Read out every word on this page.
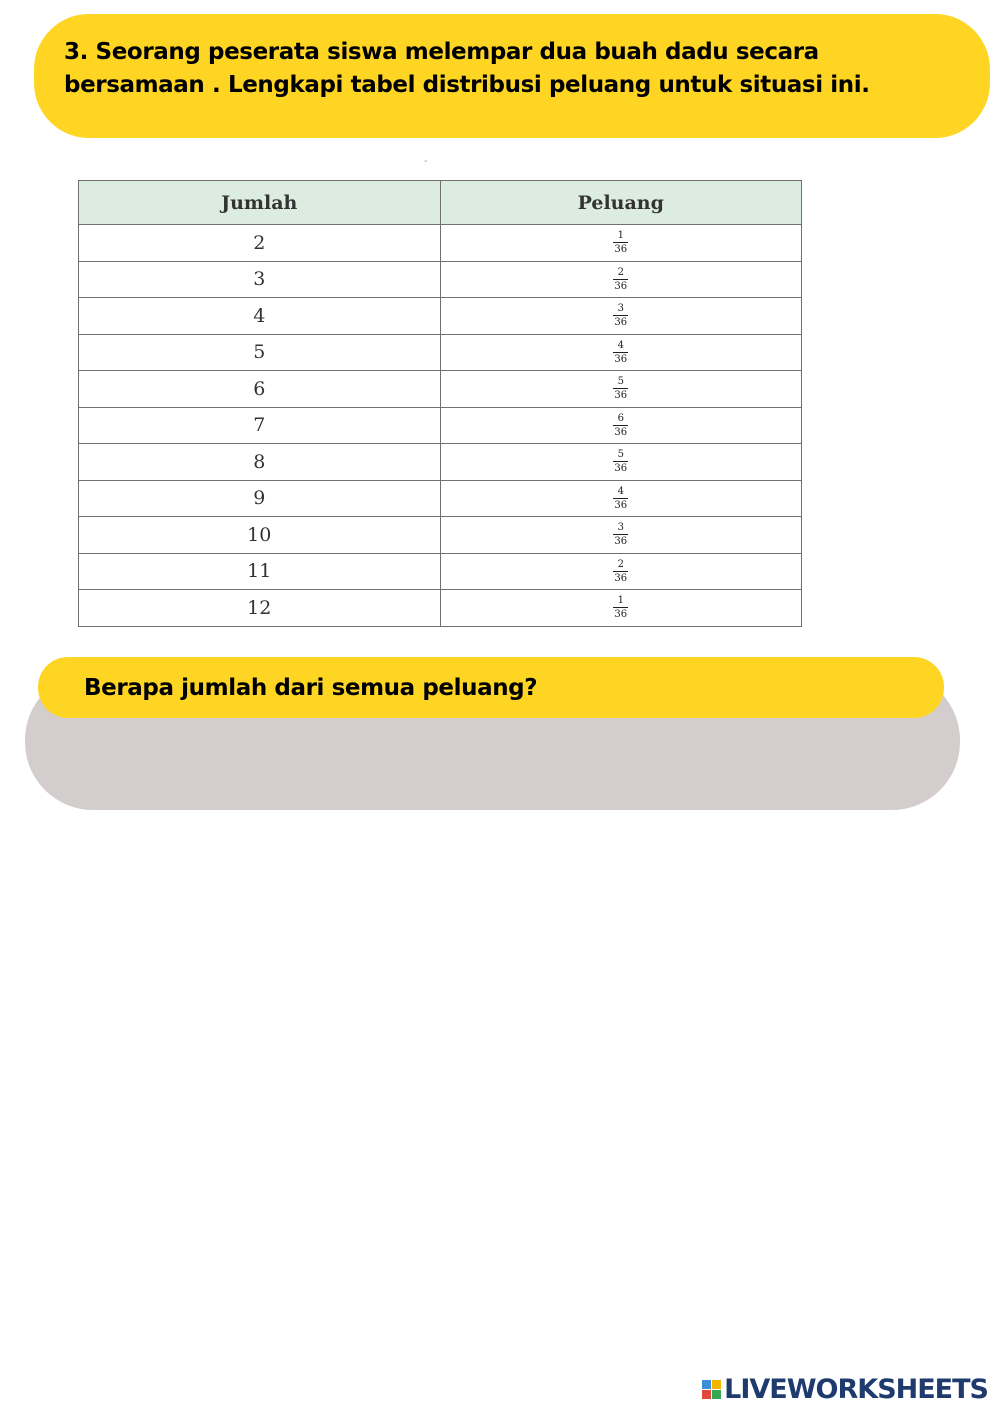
3. Seorang peserata siswa melempar dua buah dadu secara bersamaan . Lengkapi tabel distribusi peluang untuk situasi ini.

-
Jumlah	Peluang
2	$\frac{1}{36}$

3	$\frac{2}{36}$

4	$\frac{3}{36}$

5	$\frac{4}{36}$

6	$\frac{5}{36}$

7	$\frac{6}{36}$

8	$\frac{5}{36}$

9	$\frac{4}{36}$

10	$\frac{3}{36}$

11	$\frac{2}{36}$

12	$\frac{1}{36}$

Berapa jumlah dari semua peluang?

LIVEWORKSHEETS
